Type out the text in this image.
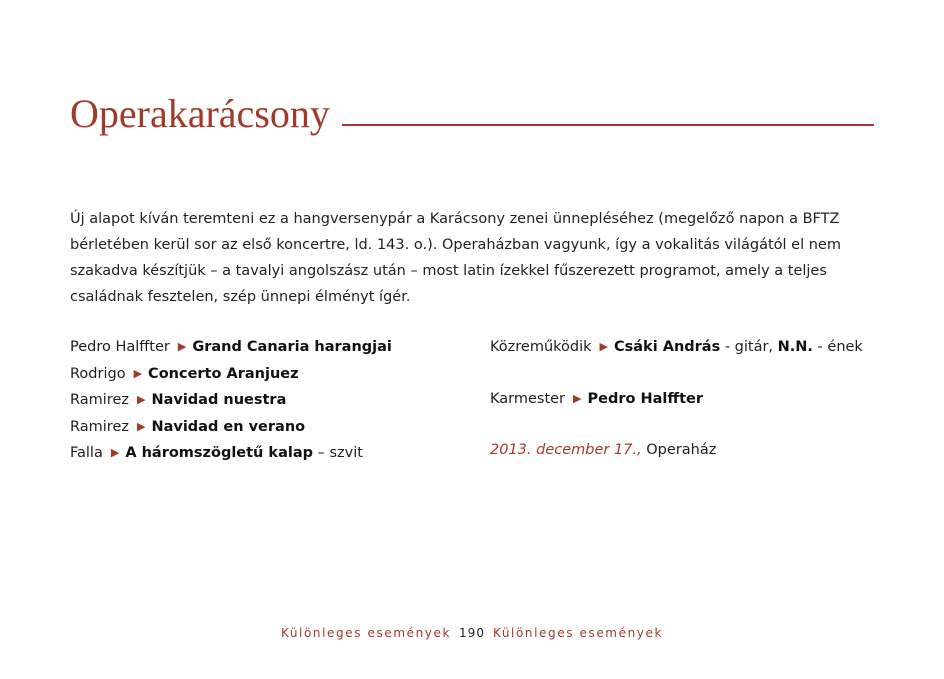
Operakarácsony

Új alapot kíván teremteni ez a hangversenypár a Karácsony zenei ünnepléséhez (megelőző napon a BFTZ bérletében kerül sor az első koncertre, ld. 143. o.). Operaházban vagyunk, így a vokalitás világától el nem szakadva készítjük – a tavalyi angolszász után – most latin ízekkel fűszerezett programot, amely a teljes családnak fesztelen, szép ünnepi élményt ígér.

Pedro Halffter ▶ Grand Canaria harangjai
Rodrigo ▶ Concerto Aranjuez
Ramirez ▶ Navidad nuestra
Ramirez ▶ Navidad en verano
Falla ▶ A háromszögletű kalap – szvit
Közreműködik ▶ Csáki András - gitár, N.N. - ének
Karmester ▶ Pedro Halffter
2013. december 17., Operaház
Különleges események 190 Különleges események
